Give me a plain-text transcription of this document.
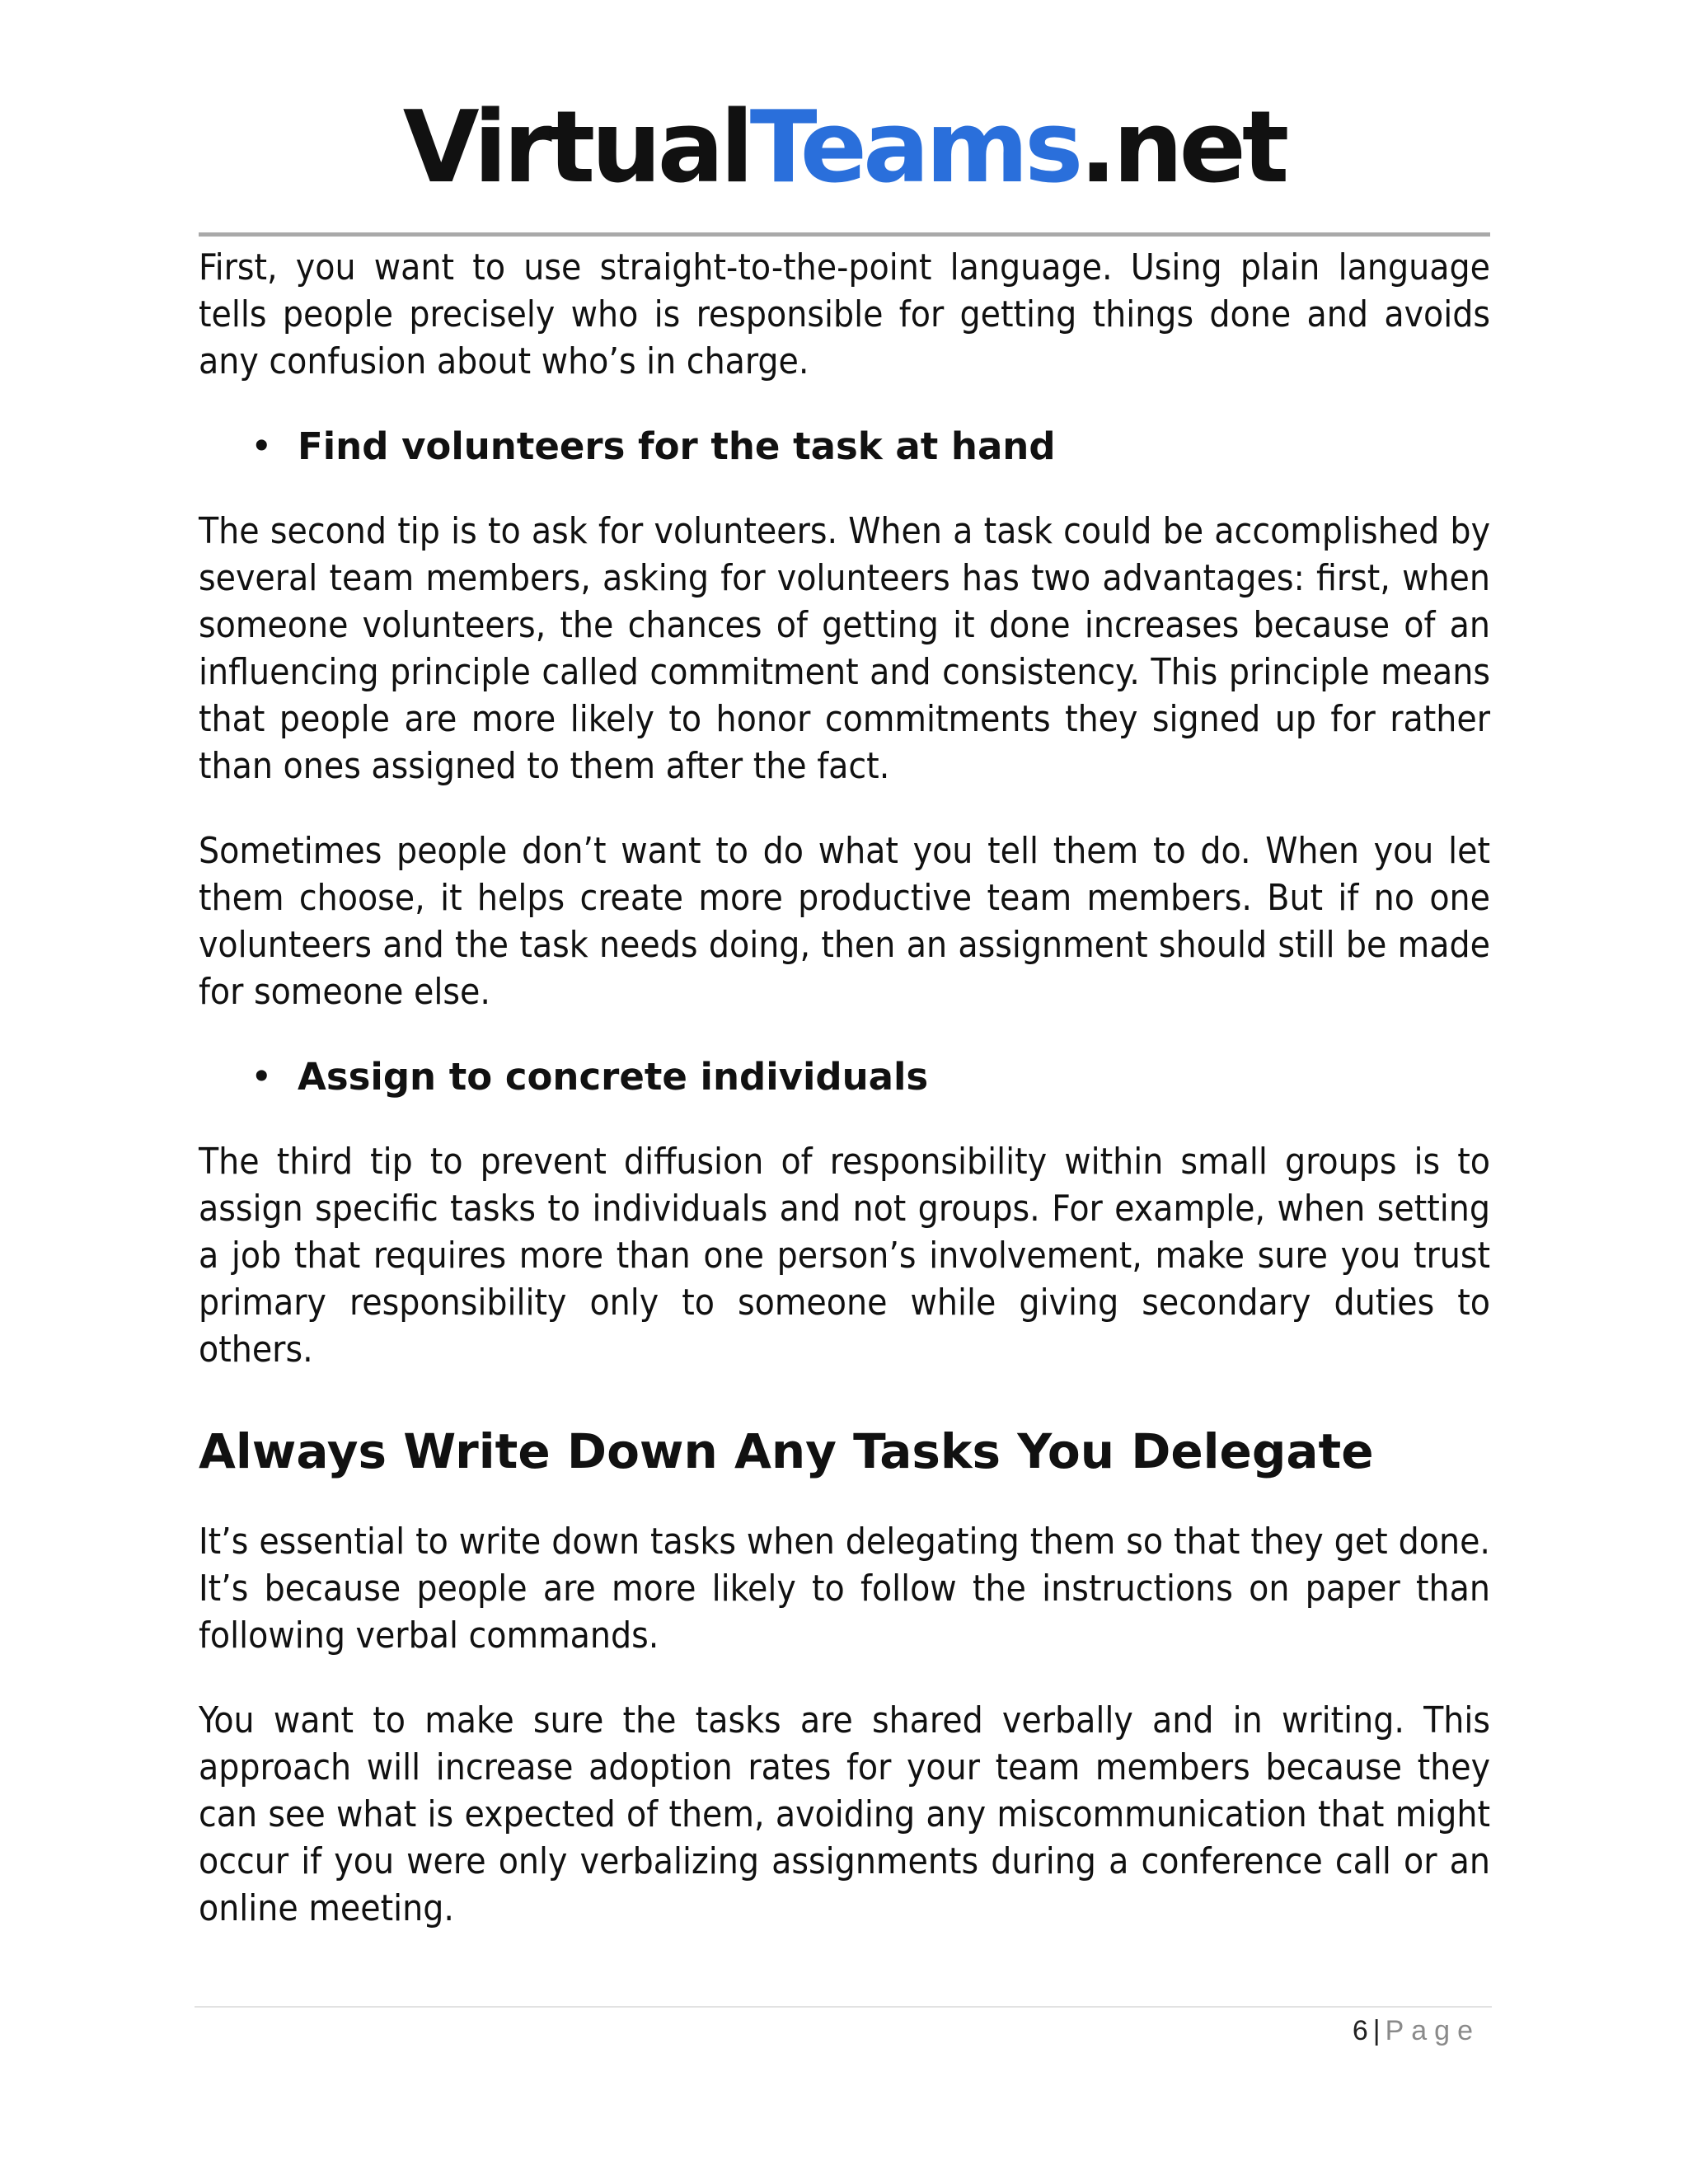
VirtualTeams.net

First, you want to use straight-to-the-point language. Using plain language tells people precisely who is responsible for getting things done and avoids any confusion about who’s in charge.

• Find volunteers for the task at hand

The second tip is to ask for volunteers. When a task could be accomplished by several team members, asking for volunteers has two advantages: first, when someone volunteers, the chances of getting it done increases because of an influencing principle called commitment and consistency. This principle means that people are more likely to honor commitments they signed up for rather than ones assigned to them after the fact.

Sometimes people don’t want to do what you tell them to do. When you let them choose, it helps create more productive team members. But if no one volunteers and the task needs doing, then an assignment should still be made for someone else.

• Assign to concrete individuals

The third tip to prevent diffusion of responsibility within small groups is to assign specific tasks to individuals and not groups. For example, when setting a job that requires more than one person’s involvement, make sure you trust primary responsibility only to someone while giving secondary duties to others.

Always Write Down Any Tasks You Delegate

It’s essential to write down tasks when delegating them so that they get done. It’s because people are more likely to follow the instructions on paper than following verbal commands.

You want to make sure the tasks are shared verbally and in writing. This approach will increase adoption rates for your team members because they can see what is expected of them, avoiding any miscommunication that might occur if you were only verbalizing assignments during a conference call or an online meeting.

6 | Page
